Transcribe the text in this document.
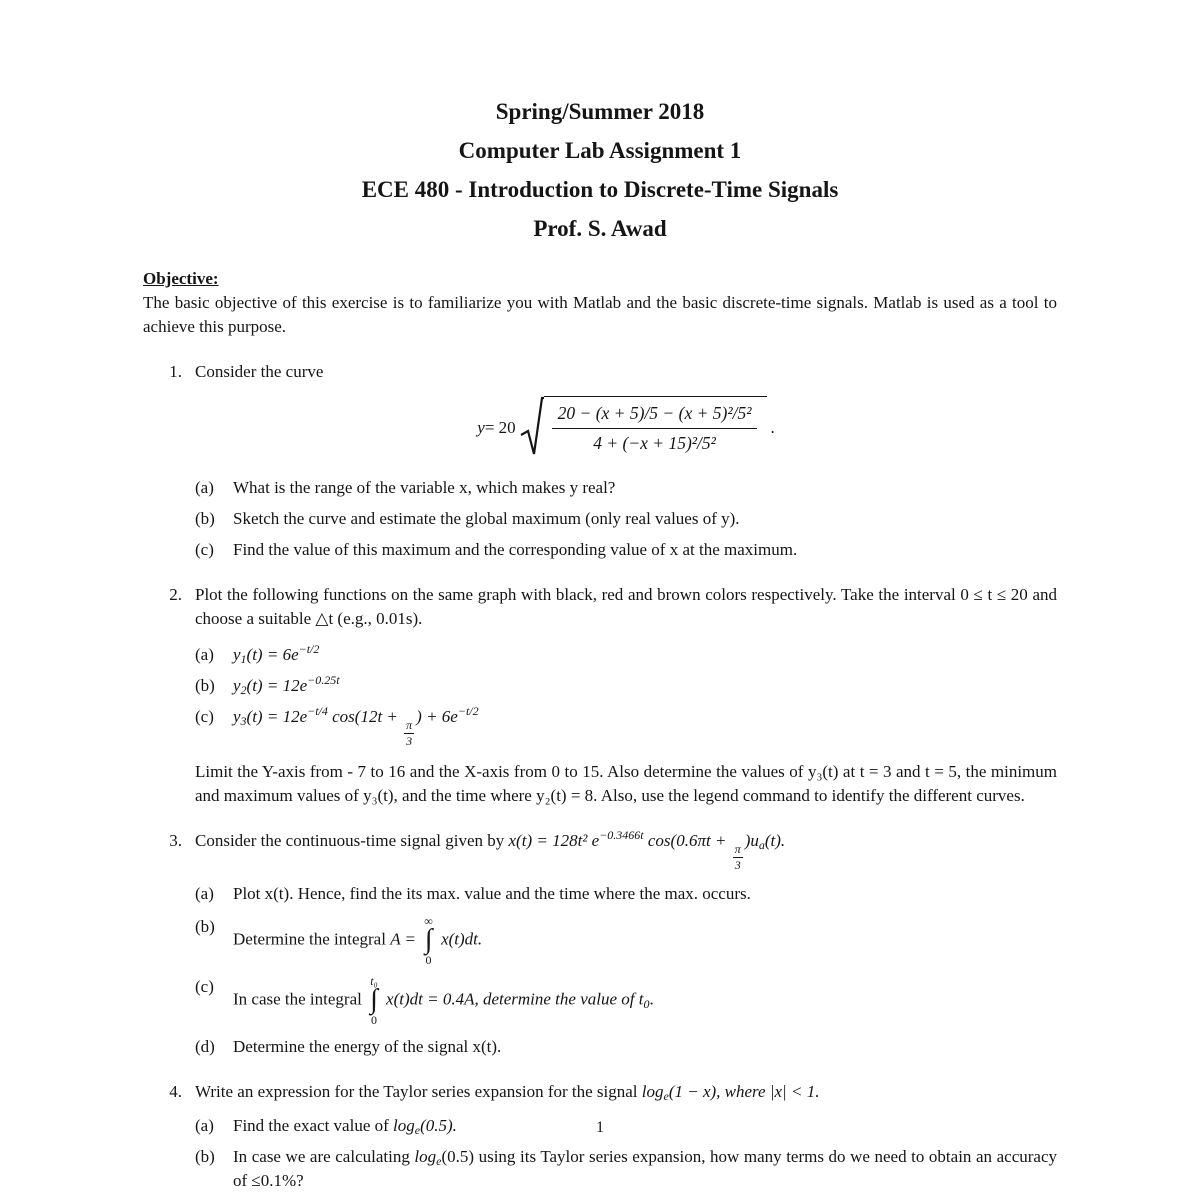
Spring/Summer 2018
Computer Lab Assignment 1
ECE 480 - Introduction to Discrete-Time Signals
Prof. S. Awad
Objective:
The basic objective of this exercise is to familiarize you with Matlab and the basic discrete-time signals. Matlab is used as a tool to achieve this purpose.
1. Consider the curve
$y = 20 \frac{\text{20 − (x + 5)/5 − (x + 5)²/5²}}{\text{4 + (−x + 15)²/5²}}$ .
(a)	What is the range of the variable x, which makes y real?
(b)	Sketch the curve and estimate the global maximum (only real values of y).
(c)	Find the value of this maximum and the corresponding value of x at the maximum.
2. Plot the following functions on the same graph with black, red and brown colors respectively. Take the interval 0 ≤ t ≤ 20 and choose a suitable △t (e.g., 0.01s).
(a)	$y_1(t) = 6e^{-t/2}$
(b)	$y_2(t) = 12e^{-0.25t}$
(c)	$y_3(t) = 12e^{-t/4}$ cos(12t +
$\frac{\pi}{3}$
) + $6e^{-t/2}$
Limit the Y-axis from - 7 to 16 and the X-axis from 0 to 15. Also determine the values of y₃(t) at t = 3 and t = 5, the minimum and maximum values of y₃(t), and the time where y₂(t) = 8. Also, use the legend command to identify the different curves.
3. Consider the continuous-time signal given by x(t) = 128t² $e^{-0.3466t}$ cos(0.6πt +
$\frac{\pi}{3}$
)$u_a(t)$.
(a)	Plot x(t). Hence, find the its max. value and the time where the max. occurs.
(b)
Determine the integral A =
∞
∫
0
x(t)dt.
(c)
In case the integral
t₀
∫
0
x(t)dt = 0.4A, determine the value of $t_0$.
(d)	Determine the energy of the signal x(t).
4. Write an expression for the Taylor series expansion for the signal $\log_e(1 - x)$, where |x| < 1.
(a)	Find the exact value of $\log_e(0.5)$.
(b)	In case we are calculating $\log_e(0.5)$ using its Taylor series expansion, how many terms do we need to obtain an accuracy of ≤0.1%?
1
